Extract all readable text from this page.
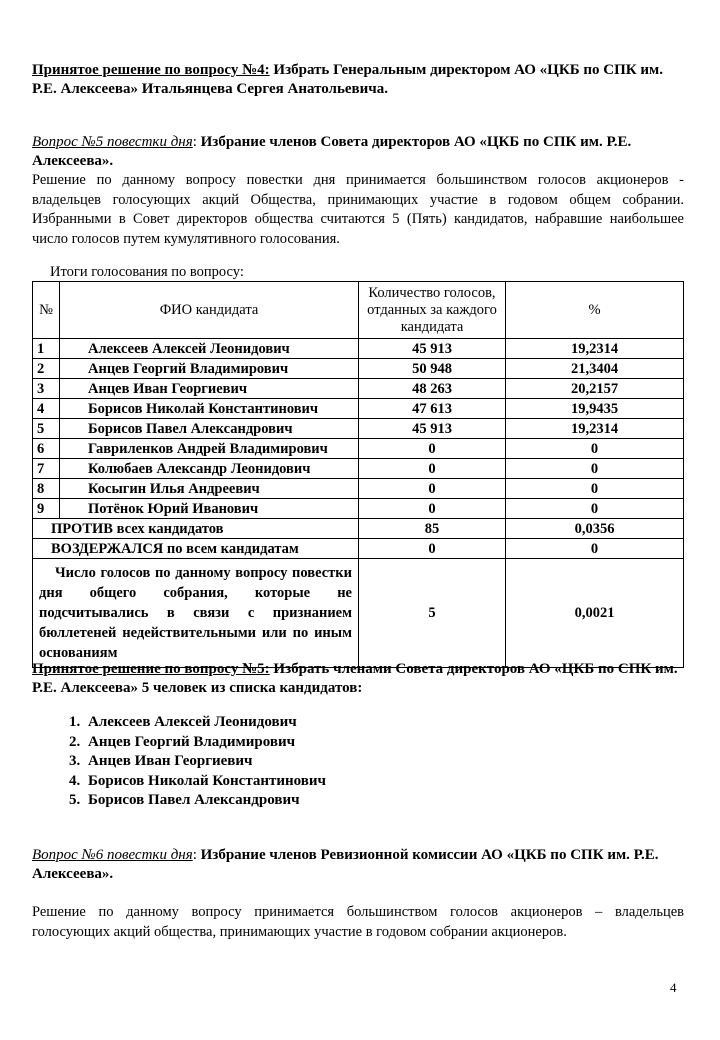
Принятое решение по вопросу №4: Избрать Генеральным директором АО «ЦКБ по СПК им. Р.Е. Алексеева» Итальянцева Сергея Анатольевича.
Вопрос №5 повестки дня: Избрание членов Совета директоров АО «ЦКБ по СПК им. Р.Е. Алексеева».
Решение по данному вопросу повестки дня принимается большинством голосов акционеров - владельцев голосующих акций Общества, принимающих участие в годовом общем собрании. Избранными в Совет директоров общества считаются 5 (Пять) кандидатов, набравшие наибольшее число голосов путем кумулятивного голосования.
Итоги голосования по вопросу:
№	ФИО кандидата	Количество голосов, отданных за каждого кандидата	%
1	Алексеев Алексей Леонидович	45 913	19,2314
2	Анцев Георгий Владимирович	50 948	21,3404
3	Анцев Иван Георгиевич	48 263	20,2157
4	Борисов Николай Константинович	47 613	19,9435
5	Борисов Павел Александрович	45 913	19,2314
6	Гавриленков Андрей Владимирович	0	0
7	Колюбаев Александр Леонидович	0	0
8	Косыгин Илья Андреевич	0	0
9	Потёнок Юрий Иванович	0	0
ПРОТИВ всех кандидатов		85	0,0356
ВОЗДЕРЖАЛСЯ по всем кандидатам		0	0
Число голосов по данному вопросу повестки дня общего собрания, которые не подсчитывались в связи с признанием бюллетеней недействительными или по иным основаниям		5	0,0021
Принятое решение по вопросу №5: Избрать членами Совета директоров АО «ЦКБ по СПК им. Р.Е. Алексеева» 5 человек из списка кандидатов:
1. Алексеев Алексей Леонидович
2. Анцев Георгий Владимирович
3. Анцев Иван Георгиевич
4. Борисов Николай Константинович
5. Борисов Павел Александрович
Вопрос №6 повестки дня: Избрание членов Ревизионной комиссии АО «ЦКБ по СПК им. Р.Е. Алексеева».
Решение по данному вопросу принимается большинством голосов акционеров – владельцев голосующих акций общества, принимающих участие в годовом собрании акционеров.
4
